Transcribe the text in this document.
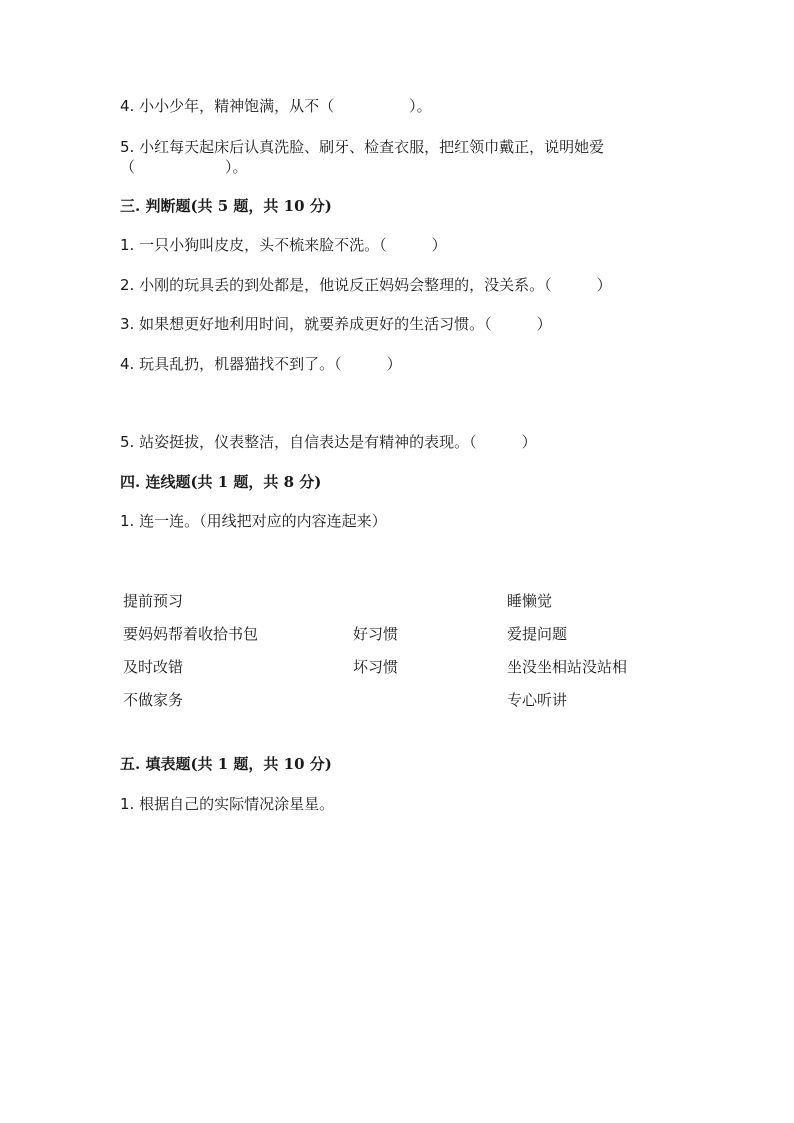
4. 小小少年，精神饱满，从不（　　　　　）。
5. 小红每天起床后认真洗脸、刷牙、检查衣服，把红领巾戴正，说明她爱
（　　　　　　）。
三. 判断题(共 5 题，共 10 分)
1. 一只小狗叫皮皮，头不梳来脸不洗。（　　　）
2. 小刚的玩具丢的到处都是，他说反正妈妈会整理的，没关系。（　　　）
3. 如果想更好地利用时间，就要养成更好的生活习惯。（　　　）
4. 玩具乱扔，机器猫找不到了。（　　　）
5. 站姿挺拔，仪表整洁，自信表达是有精神的表现。（　　　）
四. 连线题(共 1 题，共 8 分)
1. 连一连。（用线把对应的内容连起来）
提前预习
要妈妈帮着收拾书包
及时改错
不做家务
好习惯
坏习惯
睡懒觉
爱提问题
坐没坐相站没站相
专心听讲
五. 填表题(共 1 题，共 10 分)
1. 根据自己的实际情况涂星星。
